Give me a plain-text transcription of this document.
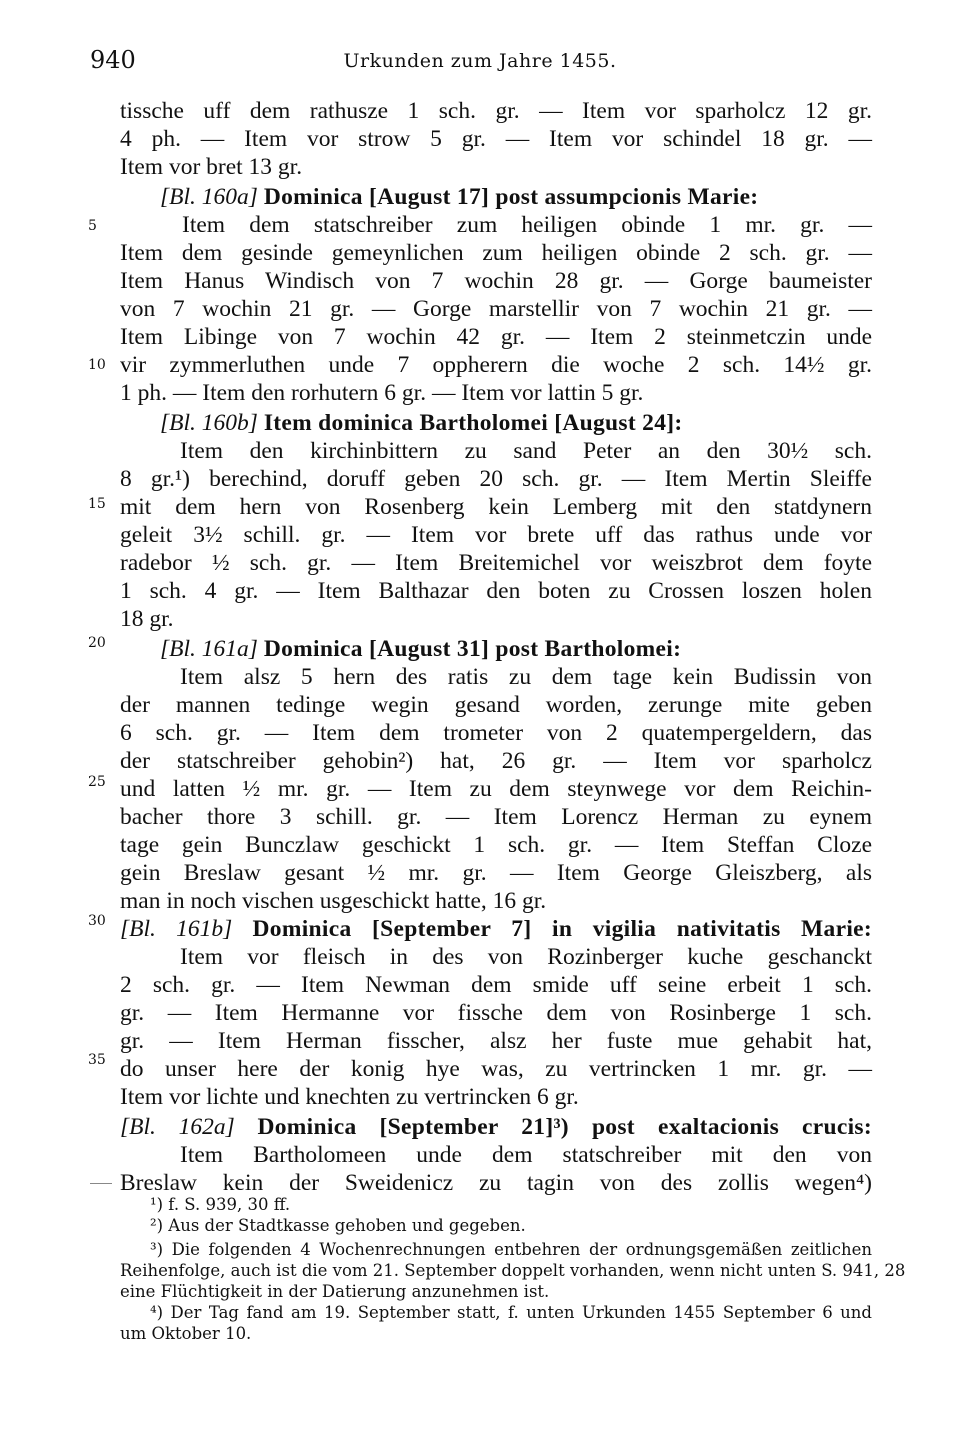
940	Urkunden zum Jahre 1455.
5
10
15
20
25
30
35
tissche uff dem rathusze 1 sch. gr. — Item vor sparholcz 12 gr.
4 ph. — Item vor strow 5 gr. — Item vor schindel 18 gr. —
Item vor bret 13 gr.
[Bl. 160a] Dominica [August 17] post assumpcionis Marie:
Item dem statschreiber zum heiligen obinde 1 mr. gr. —
Item dem gesinde gemeynlichen zum heiligen obinde 2 sch. gr. —
Item Hanus Windisch von 7 wochin 28 gr. — Gorge baumeister
von 7 wochin 21 gr. — Gorge marstellir von 7 wochin 21 gr. —
Item Libinge von 7 wochin 42 gr. — Item 2 steinmetczin unde
vir zymmerluthen unde 7 oppherern die woche 2 sch. 14½ gr.
1 ph. — Item den rorhutern 6 gr. — Item vor lattin 5 gr.
[Bl. 160b] Item dominica Bartholomei [August 24]:
Item den kirchinbittern zu sand Peter an den 30½ sch.
8 gr.¹) berechind, doruff geben 20 sch. gr. — Item Mertin Sleiffe
mit dem hern von Rosenberg kein Lemberg mit den statdynern
geleit 3½ schill. gr. — Item vor brete uff das rathus unde vor
radebor ½ sch. gr. — Item Breitemichel vor weiszbrot dem foyte
1 sch. 4 gr. — Item Balthazar den boten zu Crossen loszen holen
18 gr.
[Bl. 161a] Dominica [August 31] post Bartholomei:
Item alsz 5 hern des ratis zu dem tage kein Budissin von
der mannen tedinge wegin gesand worden, zerunge mite geben
6 sch. gr. — Item dem trometer von 2 quatempergeldern, das
der statschreiber gehobin²) hat, 26 gr. — Item vor sparholcz
und latten ½ mr. gr. — Item zu dem steynwege vor dem Reichin-
bacher thore 3 schill. gr. — Item Lorencz Herman zu eynem
tage gein Bunczlaw geschickt 1 sch. gr. — Item Steffan Cloze
gein Breslaw gesant ½ mr. gr. — Item George Gleiszberg, als
man in noch vischen usgeschickt hatte, 16 gr.
[Bl. 161b] Dominica [September 7] in vigilia nativitatis Marie:
Item vor fleisch in des von Rozinberger kuche geschanckt
2 sch. gr. — Item Newman dem smide uff seine erbeit 1 sch.
gr. — Item Hermanne vor fissche dem von Rosinberge 1 sch.
gr. — Item Herman fisscher, alsz her fuste mue gehabit hat,
do unser here der konig hye was, zu vertrincken 1 mr. gr. —
Item vor lichte und knechten zu vertrincken 6 gr.
[Bl. 162a] Dominica [September 21]³) post exaltacionis crucis:
Item Bartholomeen unde dem statschreiber mit den von
Breslaw kein der Sweidenicz zu tagin von des zollis wegen⁴)
¹) f. S. 939, 30 ff.
²) Aus der Stadtkasse gehoben und gegeben.
³) Die folgenden 4 Wochenrechnungen entbehren der ordnungsgemäßen zeitlichen
Reihenfolge, auch ist die vom 21. September doppelt vorhanden, wenn nicht unten S. 941, 28
eine Flüchtigkeit in der Datierung anzunehmen ist.
⁴) Der Tag fand am 19. September statt, f. unten Urkunden 1455 September 6 und
um Oktober 10.
